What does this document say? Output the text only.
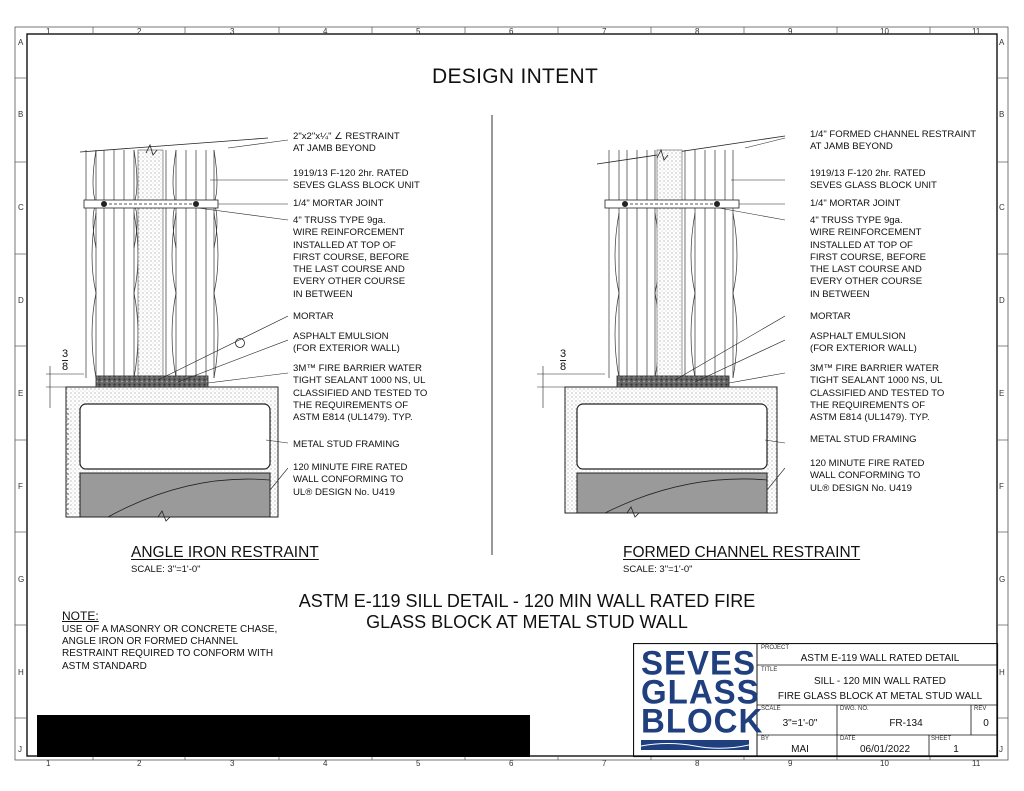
1	2	3	4	5	6	7	8	9	10	11
1	2	3	4	5	6	7	8	9	10	11
A
B
C
D
E
F
G
H
J
A
B
C
D
E
F
G
H
J
DESIGN INTENT
3
8
2"x2"x¼" ∠ RESTRAINT
AT JAMB BEYOND
1919/13 F-120 2hr. RATED
SEVES GLASS BLOCK UNIT
1/4" MORTAR JOINT
4" TRUSS TYPE 9ga.
WIRE REINFORCEMENT
INSTALLED AT TOP OF
FIRST COURSE, BEFORE
THE LAST COURSE AND
EVERY OTHER COURSE
IN BETWEEN
MORTAR
ASPHALT EMULSION
(FOR EXTERIOR WALL)
3M™ FIRE BARRIER WATER
TIGHT SEALANT 1000 NS, UL
CLASSIFIED AND TESTED TO
THE REQUIREMENTS OF
ASTM E814 (UL1479). TYP.
METAL STUD FRAMING
120 MINUTE FIRE RATED
WALL CONFORMING TO
UL® DESIGN No. U419
ANGLE IRON RESTRAINT
SCALE: 3"=1'-0"
3
8
1/4" FORMED CHANNEL RESTRAINT
AT JAMB BEYOND
1919/13 F-120 2hr. RATED
SEVES GLASS BLOCK UNIT
1/4" MORTAR JOINT
4" TRUSS TYPE 9ga.
WIRE REINFORCEMENT
INSTALLED AT TOP OF
FIRST COURSE, BEFORE
THE LAST COURSE AND
EVERY OTHER COURSE
IN BETWEEN
MORTAR
ASPHALT EMULSION
(FOR EXTERIOR WALL)
3M™ FIRE BARRIER WATER
TIGHT SEALANT 1000 NS, UL
CLASSIFIED AND TESTED TO
THE REQUIREMENTS OF
ASTM E814 (UL1479). TYP.
METAL STUD FRAMING
120 MINUTE FIRE RATED
WALL CONFORMING TO
UL® DESIGN No. U419
FORMED CHANNEL RESTRAINT
SCALE: 3"=1'-0"
ASTM E-119 SILL DETAIL - 120 MIN WALL RATED FIRE
GLASS BLOCK AT METAL STUD WALL
NOTE:
USE OF A MASONRY OR CONCRETE CHASE,
ANGLE IRON OR FORMED CHANNEL
RESTRAINT REQUIRED TO CONFORM WITH
ASTM STANDARD	SEVES
GLASS
BLOCK
PROJECT
ASTM E-119 WALL RATED DETAIL
TITLE
SILL - 120 MIN WALL RATED
FIRE GLASS BLOCK AT METAL STUD WALL
SCALE
3"=1'-0"
DWG. NO.
FR-134
REV
0
BY
MAI
DATE
06/01/2022
SHEET
1
